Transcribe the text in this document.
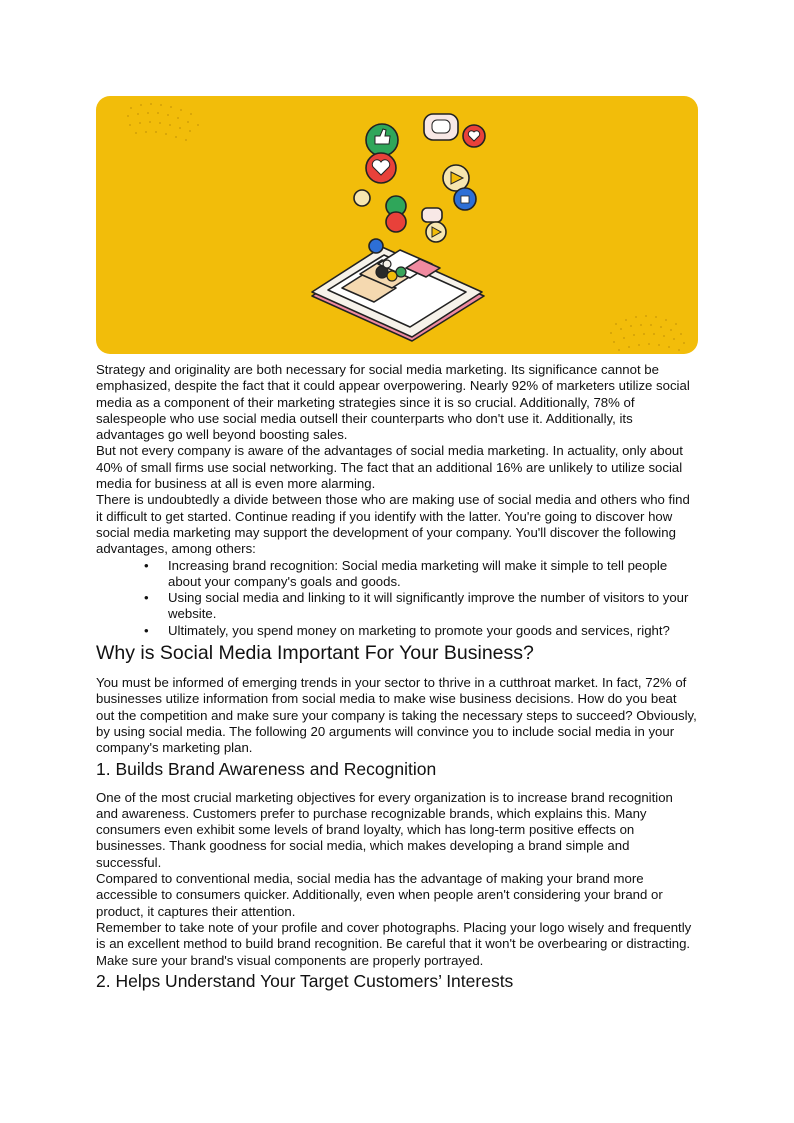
Strategy and originality are both necessary for social media marketing. Its significance cannot be emphasized, despite the fact that it could appear overpowering. Nearly 92% of marketers utilize social media as a component of their marketing strategies since it is so crucial. Additionally, 78% of salespeople who use social media outsell their counterparts who don't use it. Additionally, its advantages go well beyond boosting sales.

But not every company is aware of the advantages of social media marketing. In actuality, only about 40% of small firms use social networking. The fact that an additional 16% are unlikely to utilize social media for business at all is even more alarming.

There is undoubtedly a divide between those who are making use of social media and others who find it difficult to get started. Continue reading if you identify with the latter. You're going to discover how social media marketing may support the development of your company. You'll discover the following advantages, among others:

• Increasing brand recognition: Social media marketing will make it simple to tell people about your company's goals and goods.
• Using social media and linking to it will significantly improve the number of visitors to your website.
• Ultimately, you spend money on marketing to promote your goods and services, right?
Why is Social Media Important For Your Business?

You must be informed of emerging trends in your sector to thrive in a cutthroat market. In fact, 72% of businesses utilize information from social media to make wise business decisions. How do you beat out the competition and make sure your company is taking the necessary steps to succeed? Obviously, by using social media. The following 20 arguments will convince you to include social media in your company's marketing plan.

1. Builds Brand Awareness and Recognition

One of the most crucial marketing objectives for every organization is to increase brand recognition and awareness. Customers prefer to purchase recognizable brands, which explains this. Many consumers even exhibit some levels of brand loyalty, which has long-term positive effects on businesses. Thank goodness for social media, which makes developing a brand simple and successful.

Compared to conventional media, social media has the advantage of making your brand more accessible to consumers quicker. Additionally, even when people aren't considering your brand or product, it captures their attention.

Remember to take note of your profile and cover photographs. Placing your logo wisely and frequently is an excellent method to build brand recognition. Be careful that it won't be overbearing or distracting.

Make sure your brand's visual components are properly portrayed.

2. Helps Understand Your Target Customers’ Interests
